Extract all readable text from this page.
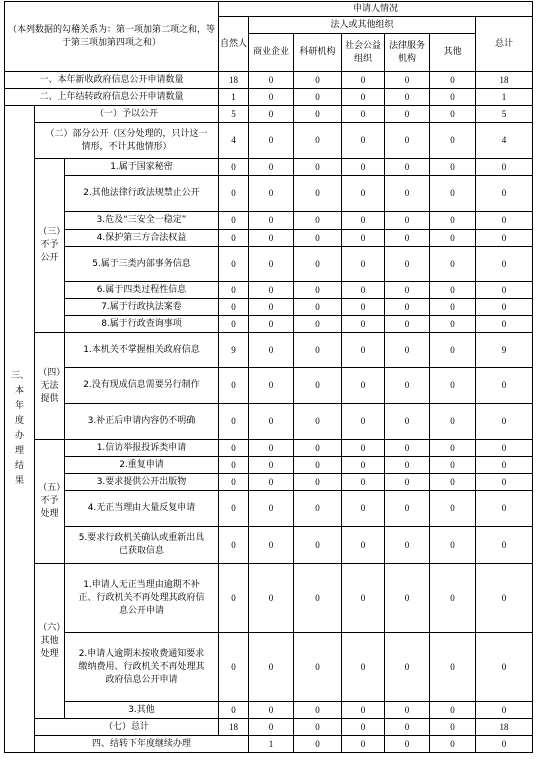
（本列数据的勾稽关系为：第一项加第二项之和，等于第三项加第四项之和）			申请人情况							
			自然人	法人或其他组织					总计	
				商业企业	科研机构	社会公益组织	法律服务机构	其他		
一、本年新收政府信息公开申请数量			18	0	0	0	0	0	18	
二、上年结转政府信息公开申请数量			1	0	0	0	0	0	1	
三、本年度办理结果	（一）予以公开		5	0	0	0	0	0	5	
	（二）部分公开（区分处理的，只计这一情形，不计其他情形）		4	0	0	0	0	0	4	
	（三）不予公开	1.属于国家秘密	0	0	0	0	0	0	0	
		2.其他法律行政法规禁止公开	0	0	0	0	0	0	0	
		3.危及“三安全一稳定”	0	0	0	0	0	0	0	
		4.保护第三方合法权益	0	0	0	0	0	0	0	
		5.属于三类内部事务信息	0	0	0	0	0	0	0	
		6.属于四类过程性信息	0	0	0	0	0	0	0	
		7.属于行政执法案卷	0	0	0	0	0	0	0	
		8.属于行政查询事项	0	0	0	0	0	0	0	
	（四）无法提供	1.本机关不掌握相关政府信息	9	0	0	0	0	0	9	
		2.没有现成信息需要另行制作	0	0	0	0	0	0	0	
		3.补正后申请内容仍不明确	0	0	0	0	0	0	0	
	（五）不予处理	1.信访举报投诉类申请	0	0	0	0	0	0	0	
		2.重复申请	0	0	0	0	0	0	0	
		3.要求提供公开出版物	0	0	0	0	0	0	0	
		4.无正当理由大量反复申请	0	0	0	0	0	0	0	
		5.要求行政机关确认或重新出具已获取信息	0	0	0	0	0	0	0	
	（六）其他处理	1.申请人无正当理由逾期不补正、行政机关不再处理其政府信息公开申请	0	0	0	0	0	0	0	
		2.申请人逾期未按收费通知要求缴纳费用、行政机关不再处理其政府信息公开申请	0	0	0	0	0	0	0	
		3.其他	0	0	0	0	0	0	0	
	（七）总计		18	0	0	0	0	0	18	
	四、结转下年度继续办理			1	0	0	0	0	0	
